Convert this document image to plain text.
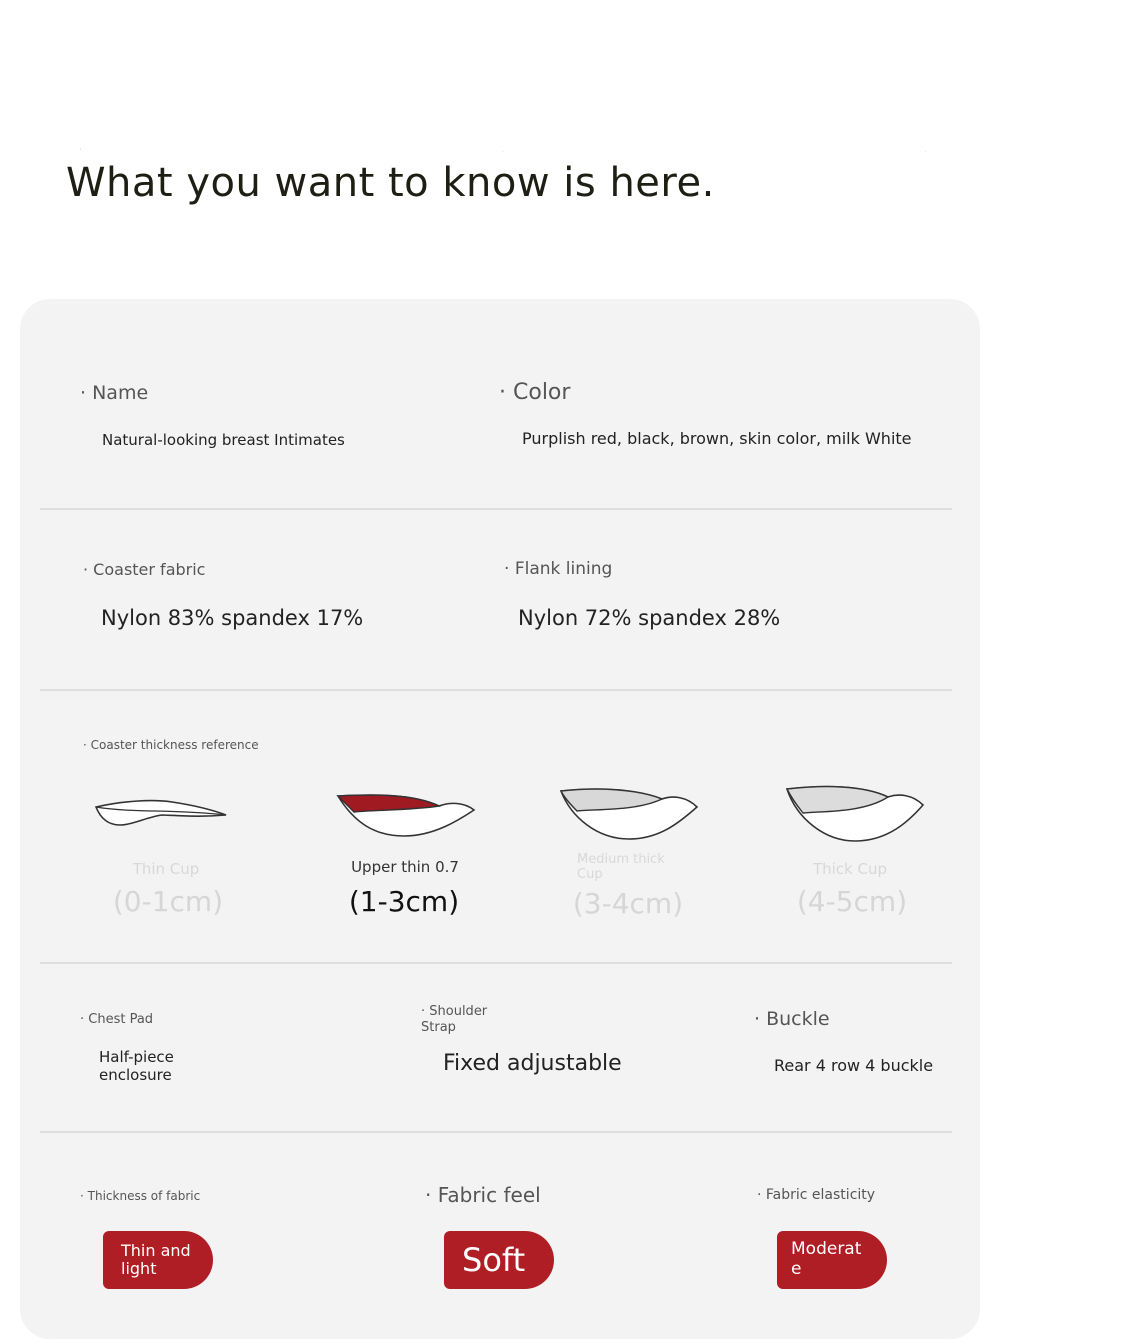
' . .
What you want to know is here.
· Name
Natural-looking breast Intimates
· Color
Purplish red, black, brown, skin color, milk White
· Coaster fabric
Nylon 83% spandex 17%
· Flank lining
Nylon 72% spandex 28%
· Coaster thickness reference
Thin Cup
(0-1cm)
Upper thin 0.7
(1-3cm)
Medium thick Cup
(3-4cm)
Thick Cup
(4-5cm)
· Chest Pad
Half-piece enclosure
· Shoulder Strap
Fixed adjustable
· Buckle
Rear 4 row 4 buckle
· Thickness of fabric
Thin and light
· Fabric feel
Soft
· Fabric elasticity
Moderate
